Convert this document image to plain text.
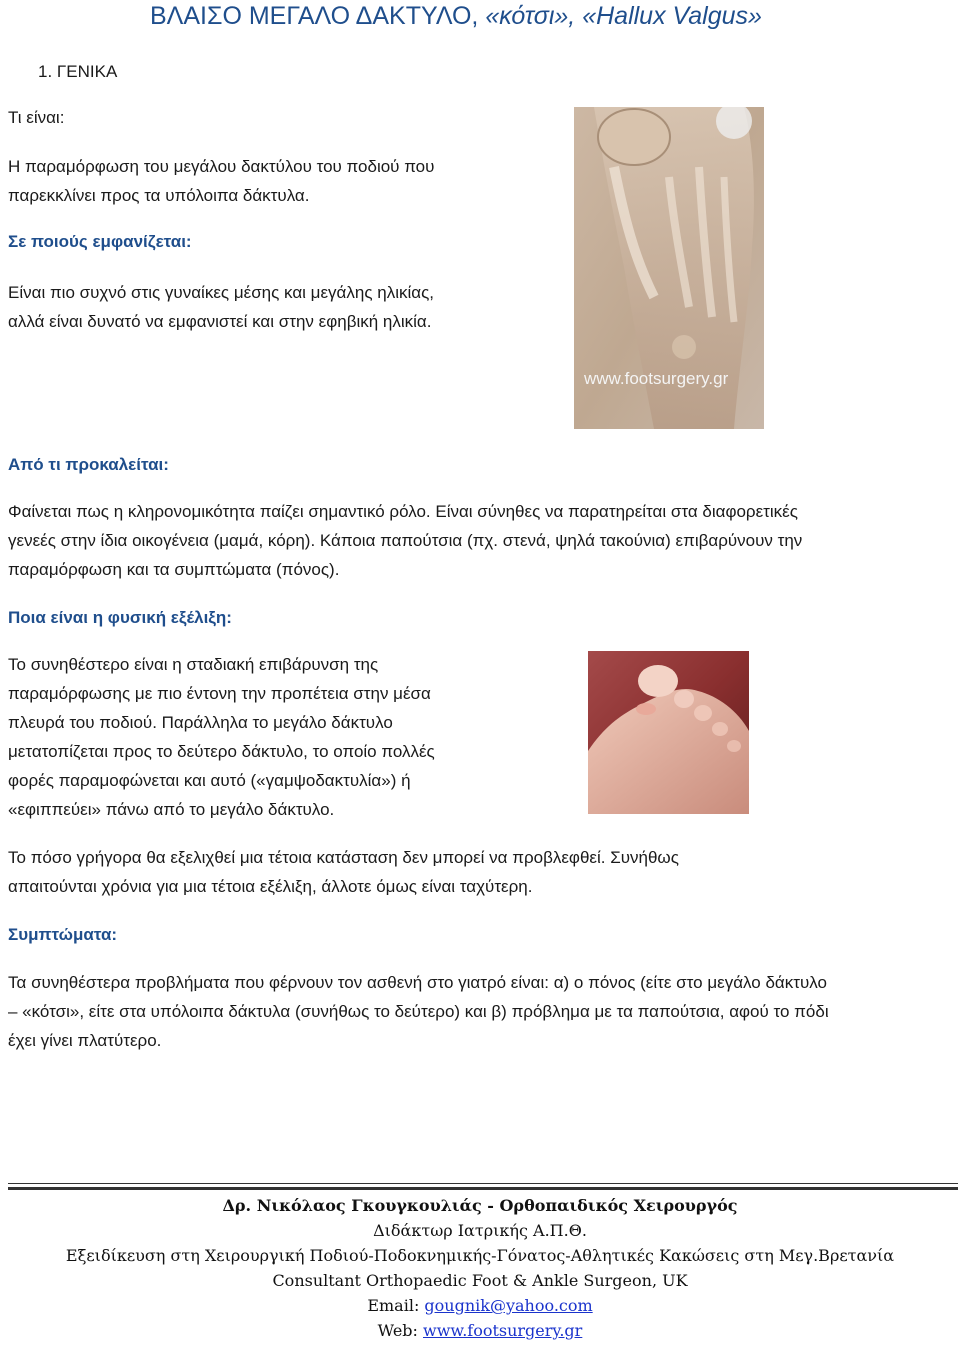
ΒΛΑΙΣΟ ΜΕΓΑΛΟ ΔΑΚΤΥΛΟ, «κότσι», «Hallux Valgus»
1. ΓΕΝΙΚΑ
Τι είναι:
Η παραμόρφωση του μεγάλου δακτύλου του ποδιού που
παρεκκλίνει προς τα υπόλοιπα δάκτυλα.
Σε ποιούς εμφανίζεται:
Είναι πιο συχνό στις γυναίκες μέσης και μεγάλης ηλικίας,
αλλά είναι δυνατό να εμφανιστεί και στην εφηβική ηλικία.
www.footsurgery.gr
Από τι προκαλείται:
Φαίνεται πως η κληρονομικότητα παίζει σημαντικό ρόλο. Είναι σύνηθες να παρατηρείται στα διαφορετικές
γενεές στην ίδια οικογένεια (μαμά, κόρη). Κάποια παπούτσια (πχ. στενά, ψηλά τακούνια) επιβαρύνουν την
παραμόρφωση και τα συμπτώματα (πόνος).
Ποια είναι η φυσική εξέλιξη:
Το συνηθέστερο είναι η σταδιακή επιβάρυνση της
παραμόρφωσης με πιο έντονη την προπέτεια στην μέσα
πλευρά του ποδιού. Παράλληλα το μεγάλο δάκτυλο
μετατοπίζεται προς το δεύτερο δάκτυλο, το οποίο πολλές
φορές παραμοφώνεται και αυτό («γαμψοδακτυλία») ή
«εφιππεύει» πάνω από το μεγάλο δάκτυλο.
Το πόσο γρήγορα θα εξελιχθεί μια τέτοια κατάσταση δεν μπορεί να προβλεφθεί. Συνήθως
απαιτούνται χρόνια για μια τέτοια εξέλιξη, άλλοτε όμως είναι ταχύτερη.
Συμπτώματα:
Τα συνηθέστερα προβλήματα που φέρνουν τον ασθενή στο γιατρό είναι: α) ο πόνος (είτε στο μεγάλο δάκτυλο
– «κότσι», είτε στα υπόλοιπα δάκτυλα (συνήθως το δεύτερο) και β) πρόβλημα με τα παπούτσια, αφού το πόδι
έχει γίνει πλατύτερο.
Δρ. Νικόλαος Γκουγκουλιάς - Ορθοπαιδικός Χειρουργός
Διδάκτωρ Ιατρικής Α.Π.Θ.
Εξειδίκευση στη Χειρουργική Ποδιού-Ποδοκνημικής-Γόνατος-Αθλητικές Κακώσεις στη Μεγ.Βρετανία
Consultant Orthopaedic Foot & Ankle Surgeon, UK
Email: gougnik@yahoo.com
Web: www.footsurgery.gr
